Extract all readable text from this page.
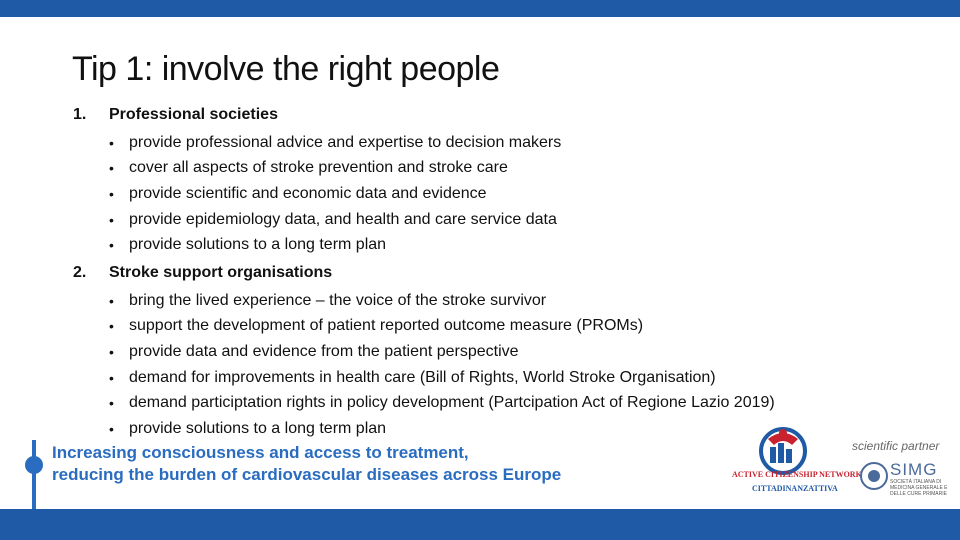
Tip 1: involve the right people
1.	Professional societies
• provide professional advice and expertise to decision makers
• cover all aspects of stroke prevention and stroke care
• provide scientific and economic data and evidence
• provide epidemiology data, and health and care service data
• provide solutions to a long term plan
2.	Stroke support organisations
• bring the lived experience – the voice of the stroke survivor
• support the development of patient reported outcome measure (PROMs)
• provide data and evidence from the patient perspective
• demand for improvements in health care (Bill of Rights, World Stroke Organisation)
• demand participtation rights in policy development (Partcipation Act of Regione Lazio 2019)
• provide solutions to a long term plan
Increasing consciousness and access to treatment,
reducing the burden of cardiovascular diseases across Europe	ACTIVE CITIZENSHIP NETWORK
CITTADINANZATTIVA
scientific partner
SIMG
SOCIETÀ ITALIANA DI MEDICINA GENERALE E DELLE CURE PRIMARIE
